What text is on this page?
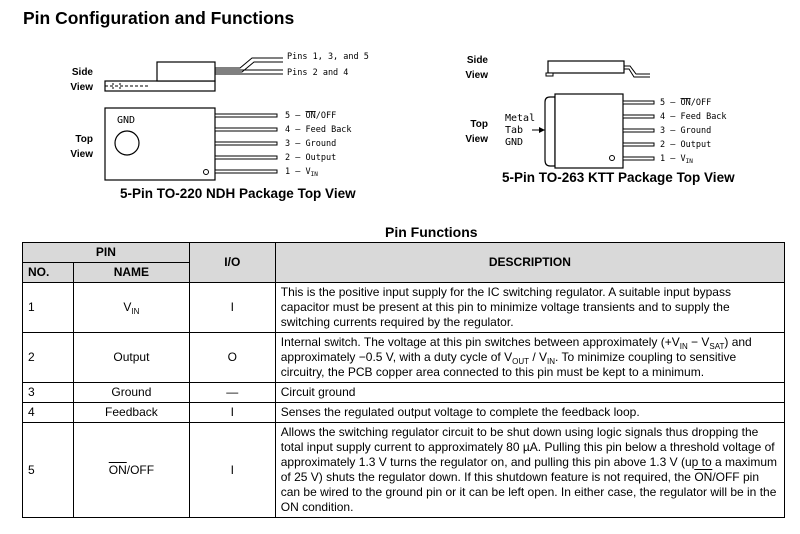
Pin Configuration and Functions
Side
View
Pins 1, 3, and 5
Pins 2 and 4
Top
View
GND	5 – ON/OFF 4 – Feed Back 3 – Ground 2 – Output $1 - V_{IN}$
Side
View
Top
View
Metal
Tab
GND
5 – ON/OFF 4 – Feed Back 3 – Ground 2 – Output $1 - V_{IN}$
5-Pin TO-220 NDH Package Top View
5-Pin TO-263 KTT Package Top View
Pin Functions
PIN		I/O	DESCRIPTION
NO.	NAME		
1	$V_{IN}$	I	This is the positive input supply for the IC switching regulator. A suitable input bypass capacitor must be present at this pin to minimize voltage transients and to supply the switching currents required by the regulator.
2	Output	O	Internal switch. The voltage at this pin switches between approximately $(+V_{IN} - V_{SAT})$ and approximately −0.5 V, with a duty cycle of $V_{OUT} / V_{IN}$. To minimize coupling to sensitive circuitry, the PCB copper area connected to this pin must be kept to a minimum.
3	Ground	—	Circuit ground
4	Feedback	I	Senses the regulated output voltage to complete the feedback loop.
5	$\overline{ON}$/OFF	I	Allows the switching regulator circuit to be shut down using logic signals thus dropping the total input supply current to approximately 80 µA. Pulling this pin below a threshold voltage of approximately 1.3 V turns the regulator on, and pulling this pin above 1.3 V (up to a maximum of 25 V) shuts the regulator down. If this shutdown feature is not required, the $\overline{ON}$/OFF pin can be wired to the ground pin or it can be left open. In either case, the regulator will be in the ON condition.
